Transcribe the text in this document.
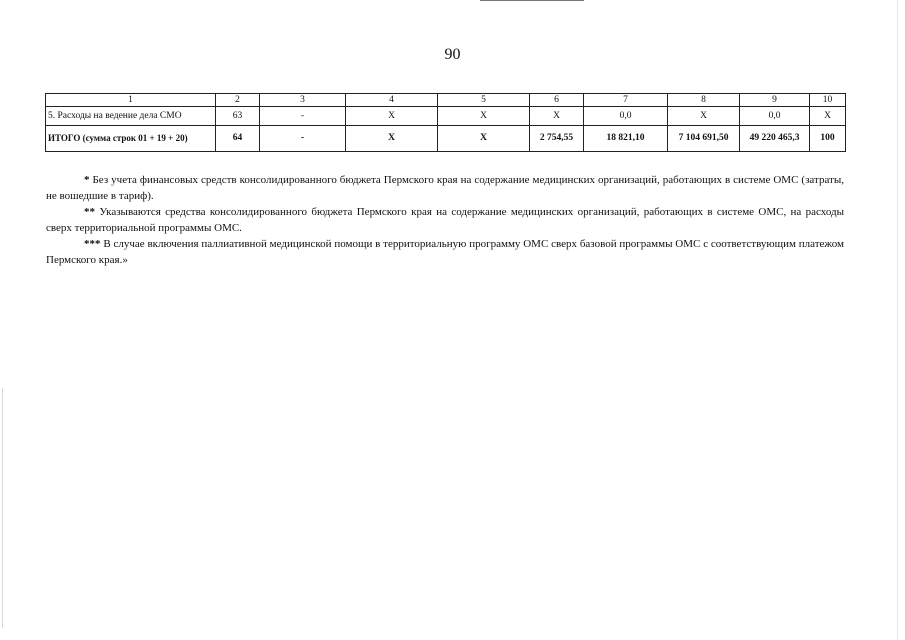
90
1	2	3	4	5	6	7	8	9	10
5. Расходы на ведение дела СМО	63	-	X	X	X	0,0	X	0,0	X
ИТОГО (сумма строк 01 + 19 + 20)	64	-	X	X	2 754,55	18 821,10	7 104 691,50	49 220 465,3	100

* Без учета финансовых средств консолидированного бюджета Пермского края на содержание медицинских организаций, работающих в системе ОМС (затраты, не вошедшие в тариф).

** Указываются средства консолидированного бюджета Пермского края на содержание медицинских организаций, работающих в системе ОМС, на расходы сверх территориальной программы ОМС.

*** В случае включения паллиативной медицинской помощи в территориальную программу ОМС сверх базовой программы ОМС с соответствующим платежом Пермского края.»
